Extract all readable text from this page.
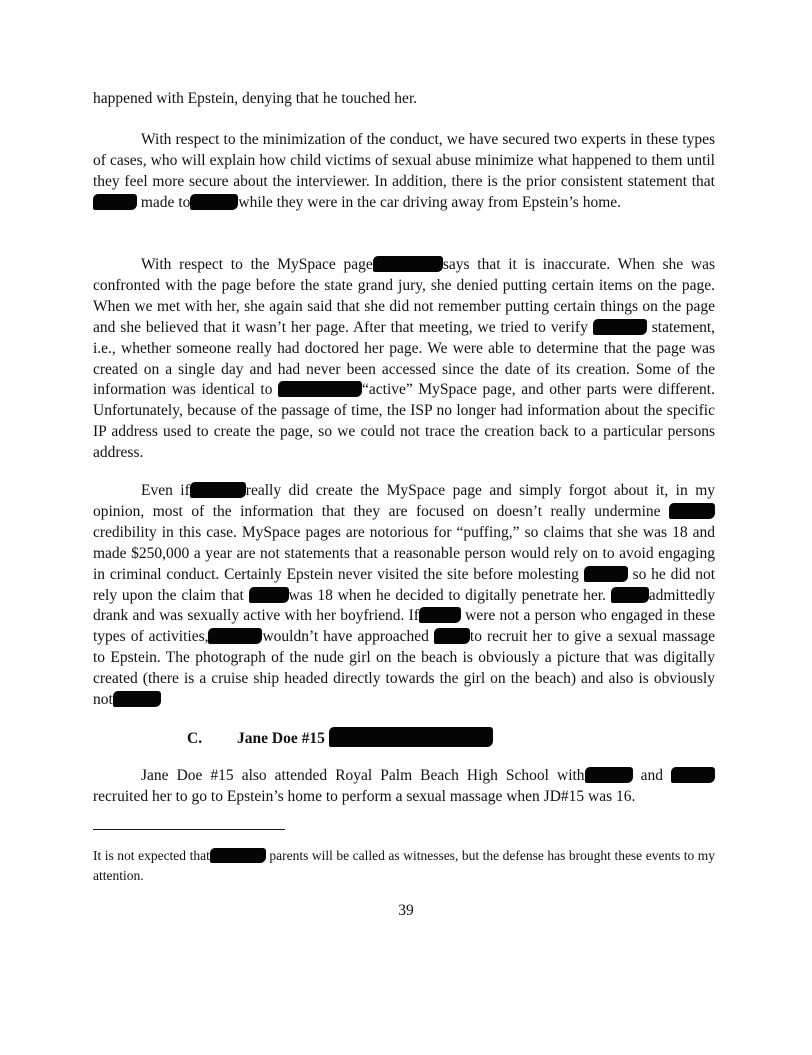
happened with Epstein, denying that he touched her.

With respect to the minimization of the conduct, we have secured two experts in these types of cases, who will explain how child victims of sexual abuse minimize what happened to them until they feel more secure about the interviewer. In addition, there is the prior consistent statement that made to	while they were in the car driving away from Epstein’s home.

With respect to the MySpace page	says that it is inaccurate. When she was confronted with the page before the state grand jury, she denied putting certain items on the page. When we met with her, she again said that she did not remember putting certain things on the page and she believed that it wasn’t her page. After that meeting, we tried to verify	statement, i.e., whether someone really had doctored her page. We were able to determine that the page was created on a single day and had never been accessed since the date of its creation. Some of the information was identical to	“active” MySpace page, and other parts were different. Unfortunately, because of the passage of time, the ISP no longer had information about the specific IP address used to create the page, so we could not trace the creation back to a particular persons address.

Even if	really did create the MySpace page and simply forgot about it, in my opinion, most of the information that they are focused on doesn’t really undermine  credibility in this case. MySpace pages are notorious for “puffing,” so claims that she was 18 and made $250,000 a year are not statements that a reasonable person would rely on to avoid engaging in criminal conduct. Certainly Epstein never visited the site before molesting	so he did not rely upon the claim that	was 18 when he decided to digitally penetrate her.	admittedly drank and was sexually active with her boyfriend. If	were not a person who engaged in these types of activities,	wouldn’t have approached	to recruit her to give a sexual massage to Epstein. The photograph of the nude girl on the beach is obviously a picture that was digitally created (there is a cruise ship headed directly towards the girl on the beach) and also is obviously not

C. Jane Doe #15

Jane Doe #15 also attended Royal Palm Beach High School with	and  recruited her to go to Epstein’s home to perform a sexual massage when JD#15 was 16.

It is not expected that	parents will be called as witnesses, but the defense has brought these events to my attention.

39
